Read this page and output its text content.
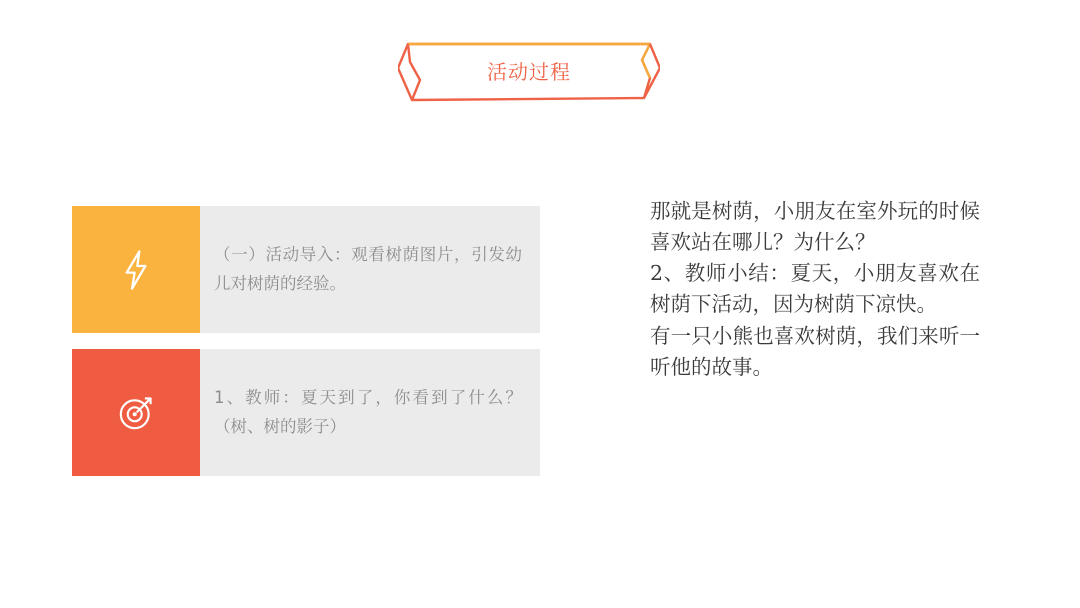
活动过程

（一）活动导入：观看树荫图片，引发幼儿对树荫的经验。

1、教师：夏天到了，你看到了什么？（树、树的影子）

那就是树荫，小朋友在室外玩的时候喜欢站在哪儿？为什么？
2、教师小结：夏天，小朋友喜欢在树荫下活动，因为树荫下凉快。
有一只小熊也喜欢树荫，我们来听一听他的故事。
